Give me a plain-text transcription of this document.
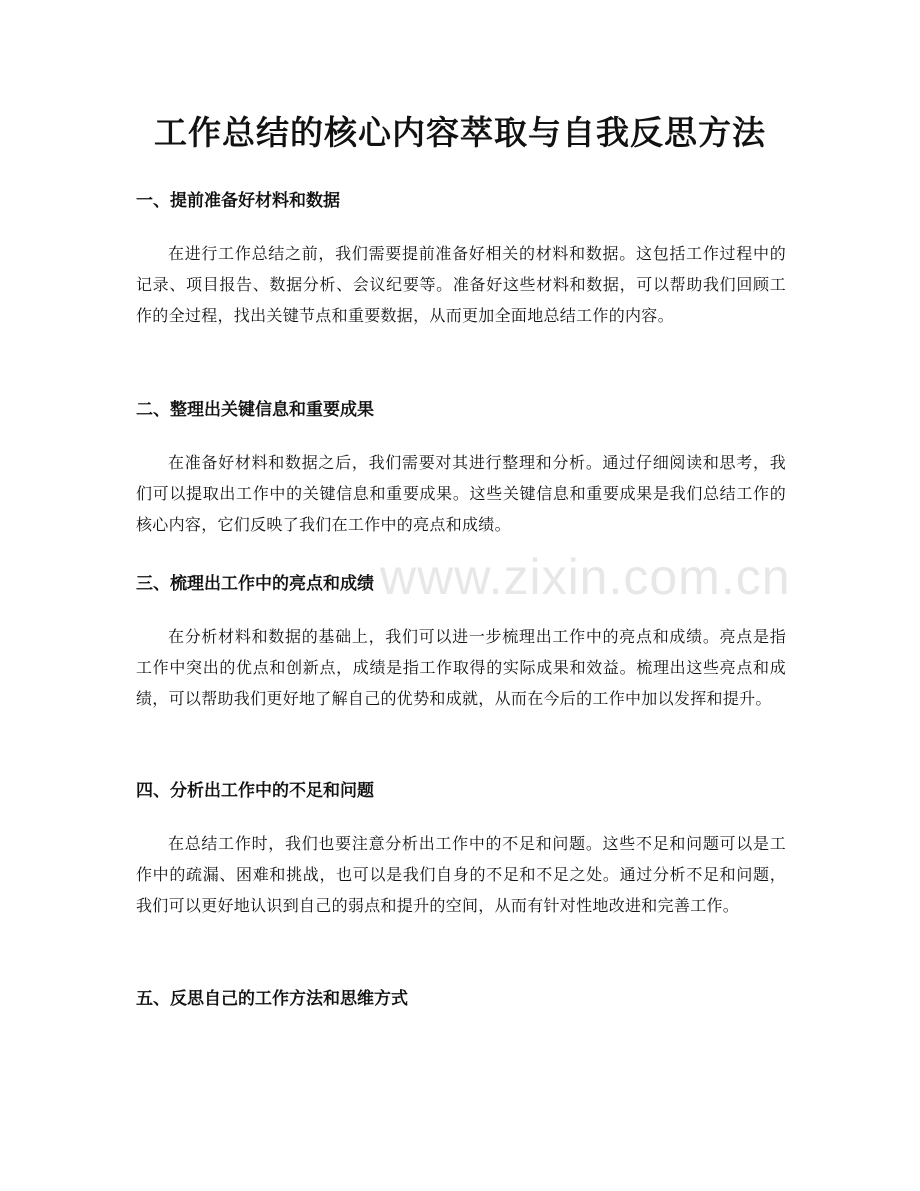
工作总结的核心内容萃取与自我反思方法
一、提前准备好材料和数据

在进行工作总结之前，我们需要提前准备好相关的材料和数据。这包括工作过程中的记录、项目报告、数据分析、会议纪要等。准备好这些材料和数据，可以帮助我们回顾工作的全过程，找出关键节点和重要数据，从而更加全面地总结工作的内容。

二、整理出关键信息和重要成果

在准备好材料和数据之后，我们需要对其进行整理和分析。通过仔细阅读和思考，我们可以提取出工作中的关键信息和重要成果。这些关键信息和重要成果是我们总结工作的核心内容，它们反映了我们在工作中的亮点和成绩。

三、梳理出工作中的亮点和成绩

在分析材料和数据的基础上，我们可以进一步梳理出工作中的亮点和成绩。亮点是指工作中突出的优点和创新点，成绩是指工作取得的实际成果和效益。梳理出这些亮点和成绩，可以帮助我们更好地了解自己的优势和成就，从而在今后的工作中加以发挥和提升。

四、分析出工作中的不足和问题

在总结工作时，我们也要注意分析出工作中的不足和问题。这些不足和问题可以是工作中的疏漏、困难和挑战，也可以是我们自身的不足和不足之处。通过分析不足和问题，我们可以更好地认识到自己的弱点和提升的空间，从而有针对性地改进和完善工作。

五、反思自己的工作方法和思维方式
www.zixin.com.cn
